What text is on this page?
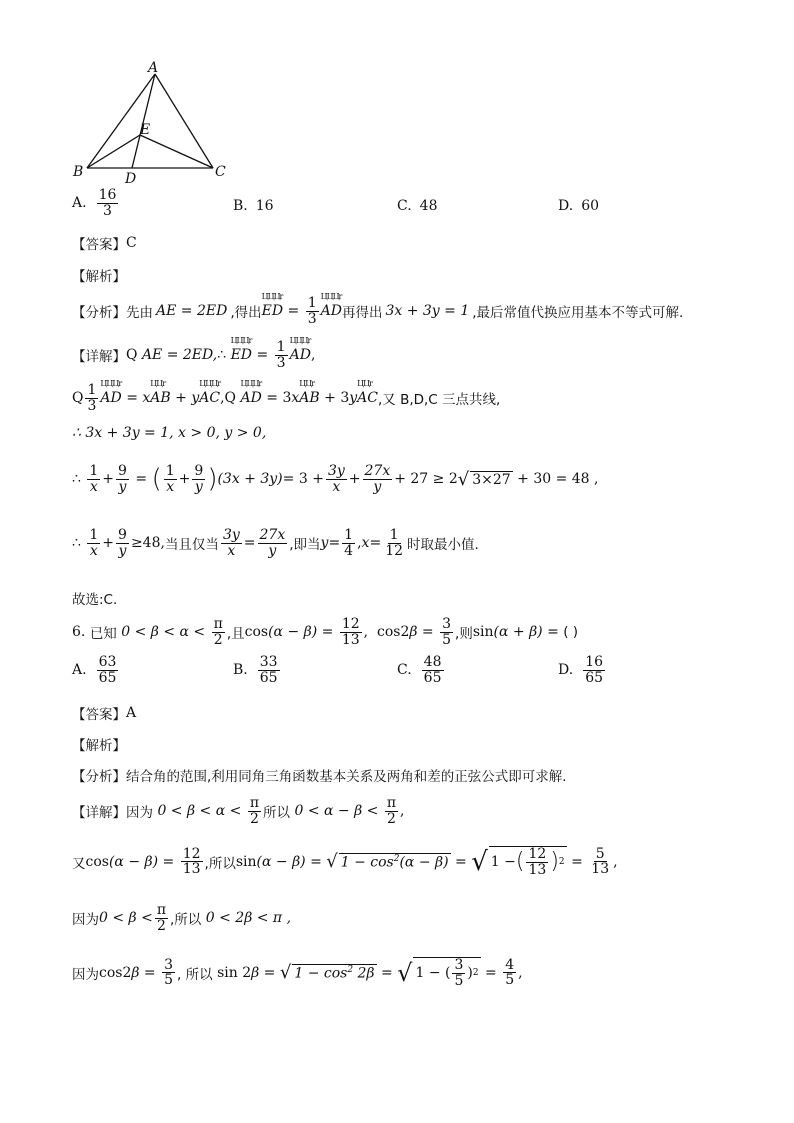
A
E
B	D	C
A. $\frac{16}{3}$	B. 16	C. 48	D. 60
【答案】 C
【解析】
【分析】 先由 AE = 2ED ,得出
ЦЦЦr
ED = $\frac{1}{3}$ ЦЦЦr
AD 再得出 3x + 3y = 1 ,最后常值代换应用基本不等式可解.
【详解】 Q
AE = 2ED, ∴

ЦЦЦr
ED = $\frac{1}{3}$ ЦЦЦr
AD ,
Q $\frac{1}{3}$ ЦЦЦr
AD = x
ЦЦr
AB + y
ЦЦЦr
AC ,Q
ЦЦЦr
AD = 3 x
ЦЦr
AB + 3 y
ЦЦr
AC ,又 B,D,C 三点共线,
∴ 3x + 3y = 1, x > 0, y > 0,
∴ $\frac{1}{x} + \frac{9}{y}$ = ( $\frac{1}{x} + \frac{9}{y}$ ) $(3x + 3y) = 3 + \frac{3y}{x} + \frac{27x}{y} + 27 \ge 2$ √ 3×27 + 30 = 48 ,
∴ $\frac{1}{x} + \frac{9}{y} \ge 48$, 当且仅当 $\frac{3y}{x} = \frac{27x}{y}$ ,即当 $y = \frac{1}{4}$ , $x = \frac{1}{12}$ 时取最小值.
故选:C.
6.
已知 $0 < \beta < \alpha < \frac{\pi}{2}$ ,且 $\cos (\alpha - \beta) = \frac{12}{13}$ ,  cos2 $\beta = \frac{3}{5}$ ,则 sin (α + β) = ( )
A. $\frac{63}{65}$	B. $\frac{33}{65}$	C. $\frac{48}{65}$	D. $\frac{16}{65}$
【答案】 A
【解析】
【分析】 结合角的范围,利用同角三角函数基本关系及两角和差的正弦公式即可求解.
【详解】 因为 $0 < \beta < \alpha < \frac{\pi}{2}$ 所以 $0 < \alpha - \beta < \frac{\pi}{2}$ ,
又 $\cos (\alpha - \beta) = \frac{12}{13}$ ,所以 sin (α − β) = √ $1 - \cos^2(\alpha - \beta)$ = √ 1 − ( $\frac{12}{13}$ ) $2 = \frac{5}{13}$ ,
因为 $0 < \beta < \frac{\pi}{2}$ ,所以 0 < 2β < π ,
因为 cos2 $\beta = \frac{3}{5}$ , 所以 sin 2 β = √ $1 - \cos^2 2\beta$ = √ 1 − ( $\frac{3}{5}$ ) $2 = \frac{4}{5}$ ,
